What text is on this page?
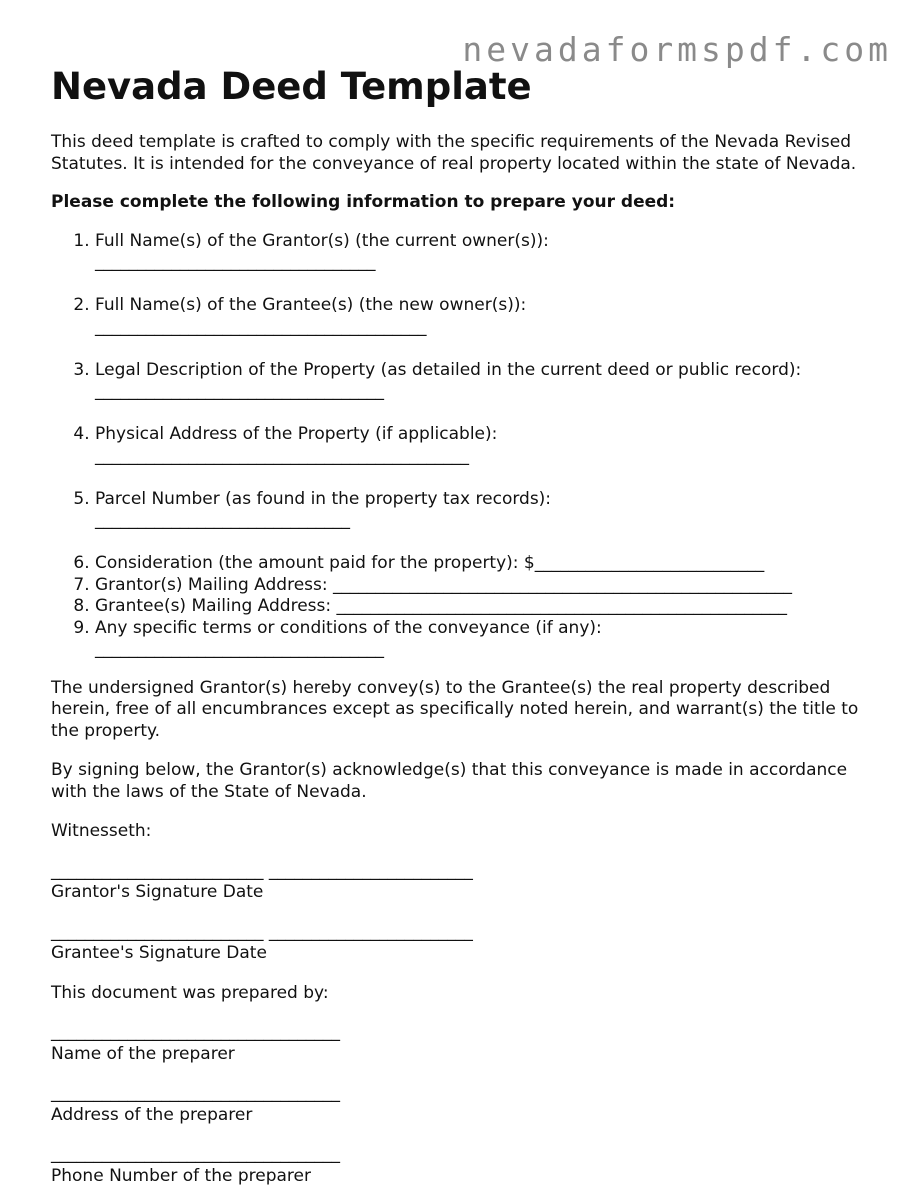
nevadaformspdf.com
Nevada Deed Template

This deed template is crafted to comply with the specific requirements of the Nevada Revised Statutes. It is intended for the conveyance of real property located within the state of Nevada.

Please complete the following information to prepare your deed:

1. Full Name(s) of the Grantor(s) (the current owner(s)):
_________________________________
2. Full Name(s) of the Grantee(s) (the new owner(s)):
_______________________________________
3. Legal Description of the Property (as detailed in the current deed or public record):
__________________________________
4. Physical Address of the Property (if applicable):
____________________________________________
5. Parcel Number (as found in the property tax records):
______________________________
6. Consideration (the amount paid for the property): $___________________________
7. Grantor(s) Mailing Address: ______________________________________________________
8. Grantee(s) Mailing Address: _____________________________________________________
9. Any specific terms or conditions of the conveyance (if any):
__________________________________

The undersigned Grantor(s) hereby convey(s) to the Grantee(s) the real property described herein, free of all encumbrances except as specifically noted herein, and warrant(s) the title to the property.

By signing below, the Grantor(s) acknowledge(s) that this conveyance is made in accordance with the laws of the State of Nevada.

Witnesseth:

_________________________ ________________________

Grantor's Signature Date

_________________________ ________________________

Grantee's Signature Date

This document was prepared by:

__________________________________

Name of the preparer

__________________________________

Address of the preparer

__________________________________

Phone Number of the preparer
